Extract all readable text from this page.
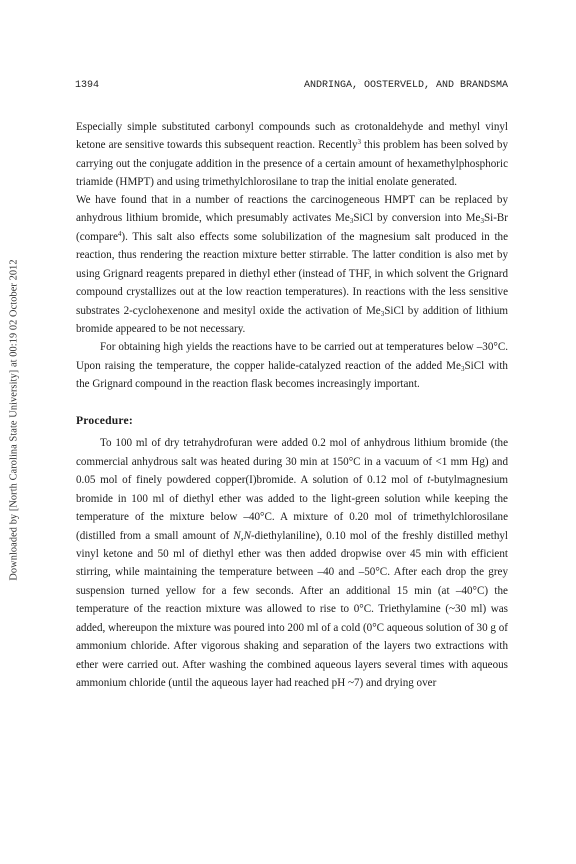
Downloaded by [North Carolina State University] at 00:19 02 October 2012
1394	ANDRINGA, OOSTERVELD, AND BRANDSMA

Especially simple substituted carbonyl compounds such as crotonaldehyde and methyl vinyl ketone are sensitive towards this subsequent reaction. Recently$^3$ this problem has been solved by carrying out the conjugate addition in the presence of a certain amount of hexamethylphosphoric triamide (HMPT) and using trimethylchlorosilane to trap the initial enolate generated.

We have found that in a number of reactions the carcinogeneous HMPT can be replaced by anhydrous lithium bromide, which presumably activates $Me_3SiCl$ by conversion into $Me_3Si-Br$ (compare$^4$). This salt also effects some solubilization of the magnesium salt produced in the reaction, thus rendering the reaction mixture better stirrable. The latter condition is also met by using Grignard reagents prepared in diethyl ether (instead of THF, in which solvent the Grignard compound crystallizes out at the low reaction temperatures). In reactions with the less sensitive substrates 2-cyclohexenone and mesityl oxide the activation of $Me_3SiCl$ by addition of lithium bromide appeared to be not necessary.

For obtaining high yields the reactions have to be carried out at temperatures below –30°C. Upon raising the temperature, the copper halide-catalyzed reaction of the added $Me_3SiCl$ with the Grignard compound in the reaction flask becomes increasingly important.

Procedure:

To 100 ml of dry tetrahydrofuran were added 0.2 mol of anhydrous lithium bromide (the commercial anhydrous salt was heated during 30 min at 150°C in a vacuum of <1 mm Hg) and 0.05 mol of finely powdered copper(I)bromide. A solution of 0.12 mol of t-butylmagnesium bromide in 100 ml of diethyl ether was added to the light-green solution while keeping the temperature of the mixture below –40°C. A mixture of 0.20 mol of trimethylchlorosilane (distilled from a small amount of N,N-diethylaniline), 0.10 mol of the freshly distilled methyl vinyl ketone and 50 ml of diethyl ether was then added dropwise over 45 min with efficient stirring, while maintaining the temperature between –40 and –50°C. After each drop the grey suspension turned yellow for a few seconds. After an additional 15 min (at –40°C) the temperature of the reaction mixture was allowed to rise to 0°C. Triethylamine (~30 ml) was added, whereupon the mixture was poured into 200 ml of a cold (0°C aqueous solution of 30 g of ammonium chloride. After vigorous shaking and separation of the layers two extractions with ether were carried out. After washing the combined aqueous layers several times with aqueous ammonium chloride (until the aqueous layer had reached pH ~7) and drying over
